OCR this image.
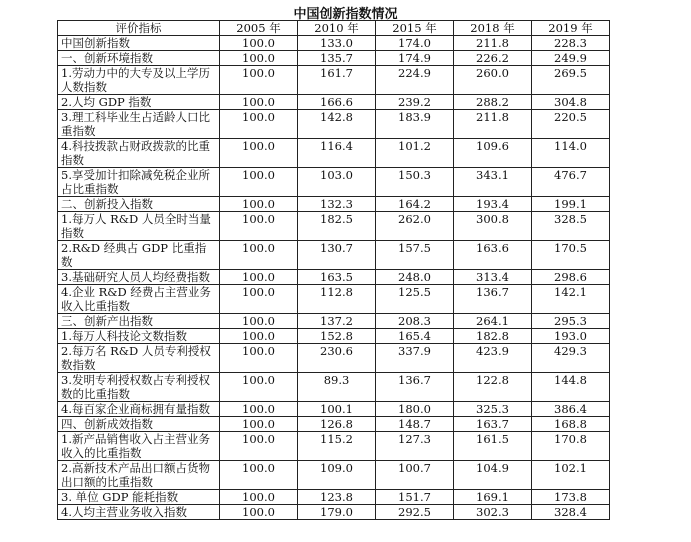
中国创新指数情况
评价指标	2005 年	2010 年	2015 年	2018 年	2019 年
中国创新指数	100.0	133.0	174.0	211.8	228.3
一、创新环境指数	100.0	135.7	174.9	226.2	249.9
1.劳动力中的大专及以上学历人数指数	100.0	161.7	224.9	260.0	269.5
2.人均 GDP 指数	100.0	166.6	239.2	288.2	304.8
3.理工科毕业生占适龄人口比重指数	100.0	142.8	183.9	211.8	220.5
4.科技拨款占财政拨款的比重指数	100.0	116.4	101.2	109.6	114.0
5.享受加计扣除减免税企业所占比重指数	100.0	103.0	150.3	343.1	476.7
二、创新投入指数	100.0	132.3	164.2	193.4	199.1
1.每万人 R&D 人员全时当量指数	100.0	182.5	262.0	300.8	328.5
2.R&D 经典占 GDP 比重指数	100.0	130.7	157.5	163.6	170.5
3.基础研究人员人均经费指数	100.0	163.5	248.0	313.4	298.6
4.企业 R&D 经费占主营业务收入比重指数	100.0	112.8	125.5	136.7	142.1
三、创新产出指数	100.0	137.2	208.3	264.1	295.3
1.每万人科技论文数指数	100.0	152.8	165.4	182.8	193.0
2.每万名 R&D 人员专利授权数指数	100.0	230.6	337.9	423.9	429.3
3.发明专利授权数占专利授权数的比重指数	100.0	89.3	136.7	122.8	144.8
4.每百家企业商标拥有量指数	100.0	100.1	180.0	325.3	386.4
四、创新成效指数	100.0	126.8	148.7	163.7	168.8
1.新产品销售收入占主营业务收入的比重指数	100.0	115.2	127.3	161.5	170.8
2.高新技术产品出口额占货物出口额的比重指数	100.0	109.0	100.7	104.9	102.1
3. 单位 GDP 能耗指数	100.0	123.8	151.7	169.1	173.8
4.人均主营业务收入指数	100.0	179.0	292.5	302.3	328.4
